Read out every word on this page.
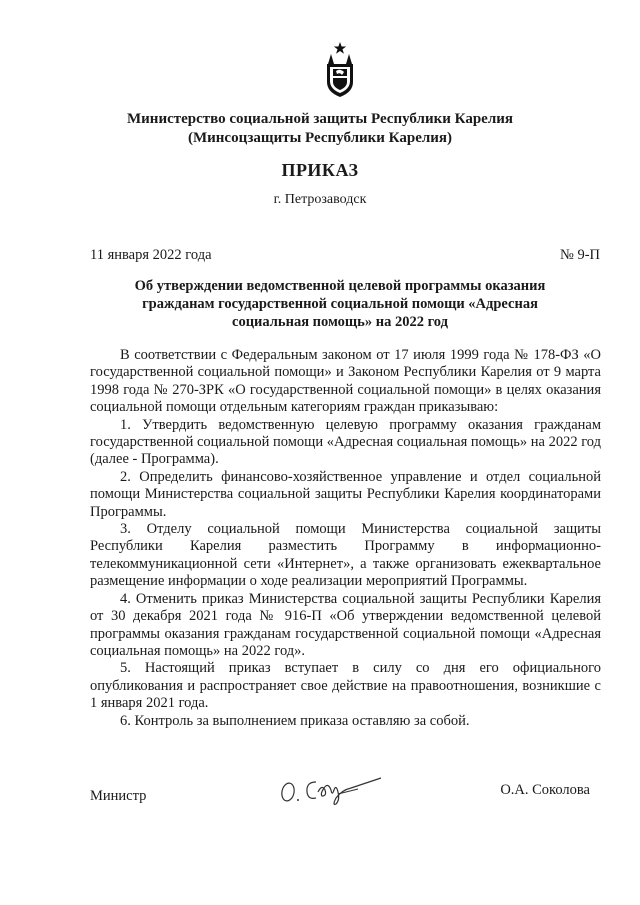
Министерство социальной защиты Республики Карелия
(Минсоцзащиты Республики Карелия)
ПРИКАЗ
г. Петрозаводск
11 января 2022 года	№ 9-П
Об утверждении ведомственной целевой программы оказания гражданам государственной социальной помощи «Адресная социальная помощь» на 2022 год

В соответствии с Федеральным законом от 17 июля 1999 года № 178-ФЗ «О государственной социальной помощи» и Законом Республики Карелия от 9 марта 1998 года № 270-ЗРК «О государственной социальной помощи» в целях оказания социальной помощи отдельным категориям граждан приказываю:

1. Утвердить ведомственную целевую программу оказания гражданам государственной социальной помощи «Адресная социальная помощь» на 2022 год (далее - Программа).

2. Определить финансово-хозяйственное управление и отдел социальной помощи Министерства социальной защиты Республики Карелия координаторами Программы.

3. Отделу социальной помощи Министерства социальной защиты Республики Карелия разместить Программу в информационно-телекоммуникационной сети «Интернет», а также организовать ежеквартальное размещение информации о ходе реализации мероприятий Программы.

4. Отменить приказ Министерства социальной защиты Республики Карелия от 30 декабря 2021 года № 916-П «Об утверждении ведомственной целевой программы оказания гражданам государственной социальной помощи «Адресная социальная помощь» на 2022 год».

5. Настоящий приказ вступает в силу со дня его официального опубликования и распространяет свое действие на правоотношения, возникшие с 1 января 2021 года.

6. Контроль за выполнением приказа оставляю за собой.

Министр	О.А. Соколова
